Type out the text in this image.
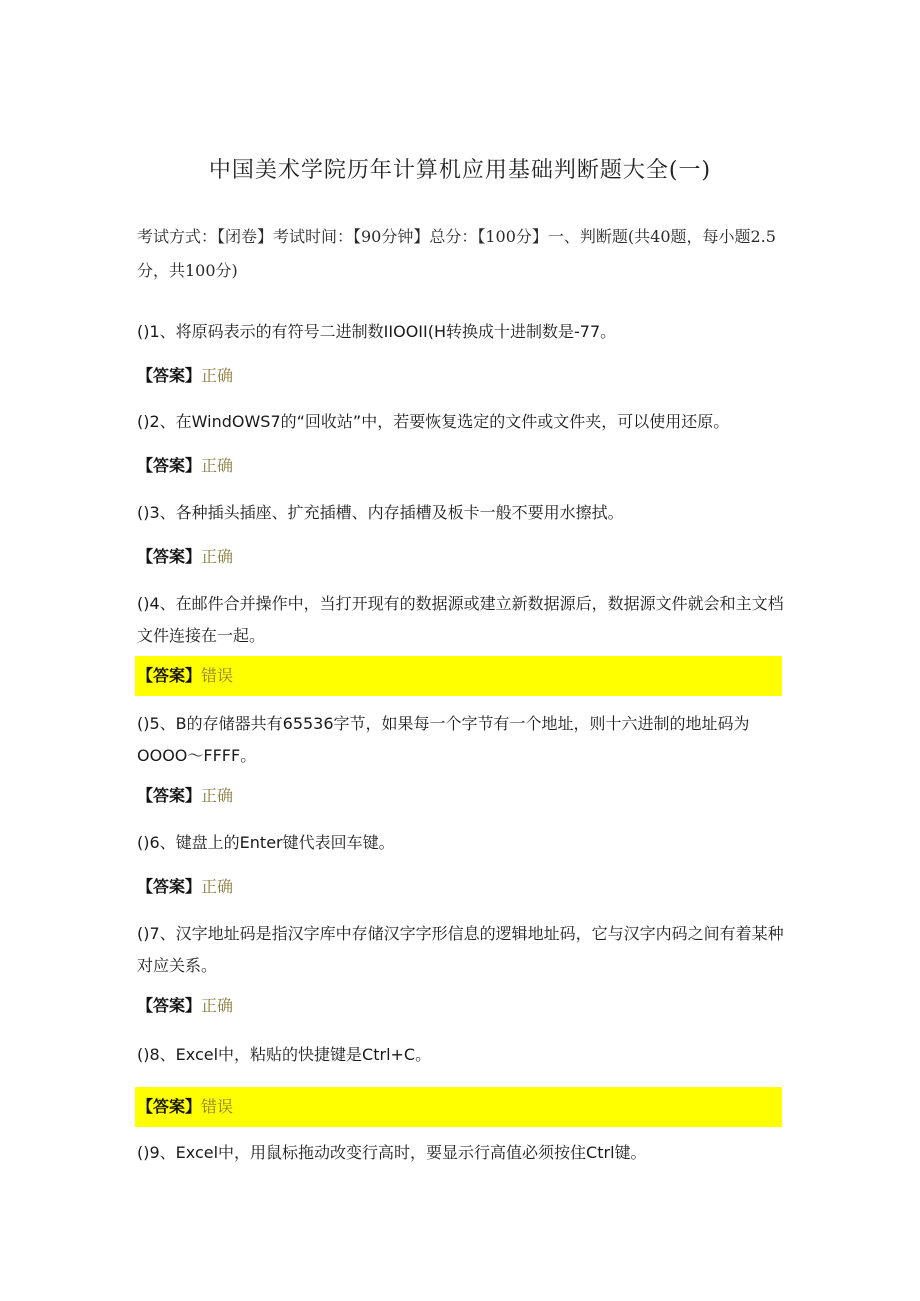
中国美术学院历年计算机应用基础判断题大全(一)
考试方式：【闭卷】考试时间：【90分钟】总分：【100分】一、判断题(共40题，每小题2.5分，共100分)
()1、将原码表示的有符号二进制数IIOOII(H转换成十进制数是-77。
【答案】正确
()2、在WindOWS7的“回收站”中，若要恢复选定的文件或文件夹，可以使用还原。
【答案】正确
()3、各种插头插座、扩充插槽、内存插槽及板卡一般不要用水擦拭。
【答案】正确
()4、在邮件合并操作中，当打开现有的数据源或建立新数据源后，数据源文件就会和主文档文件连接在一起。
【答案】错误
()5、B的存储器共有65536字节，如果每一个字节有一个地址，则十六进制的地址码为OOOO〜FFFF。
【答案】正确
()6、键盘上的Enter键代表回车键。
【答案】正确
()7、汉字地址码是指汉字库中存储汉字字形信息的逻辑地址码，它与汉字内码之间有着某种对应关系。
【答案】正确
()8、Excel中，粘贴的快捷键是Ctrl+C。
【答案】错误
()9、Excel中，用鼠标拖动改变行高时，要显示行高值必须按住Ctrl键。
